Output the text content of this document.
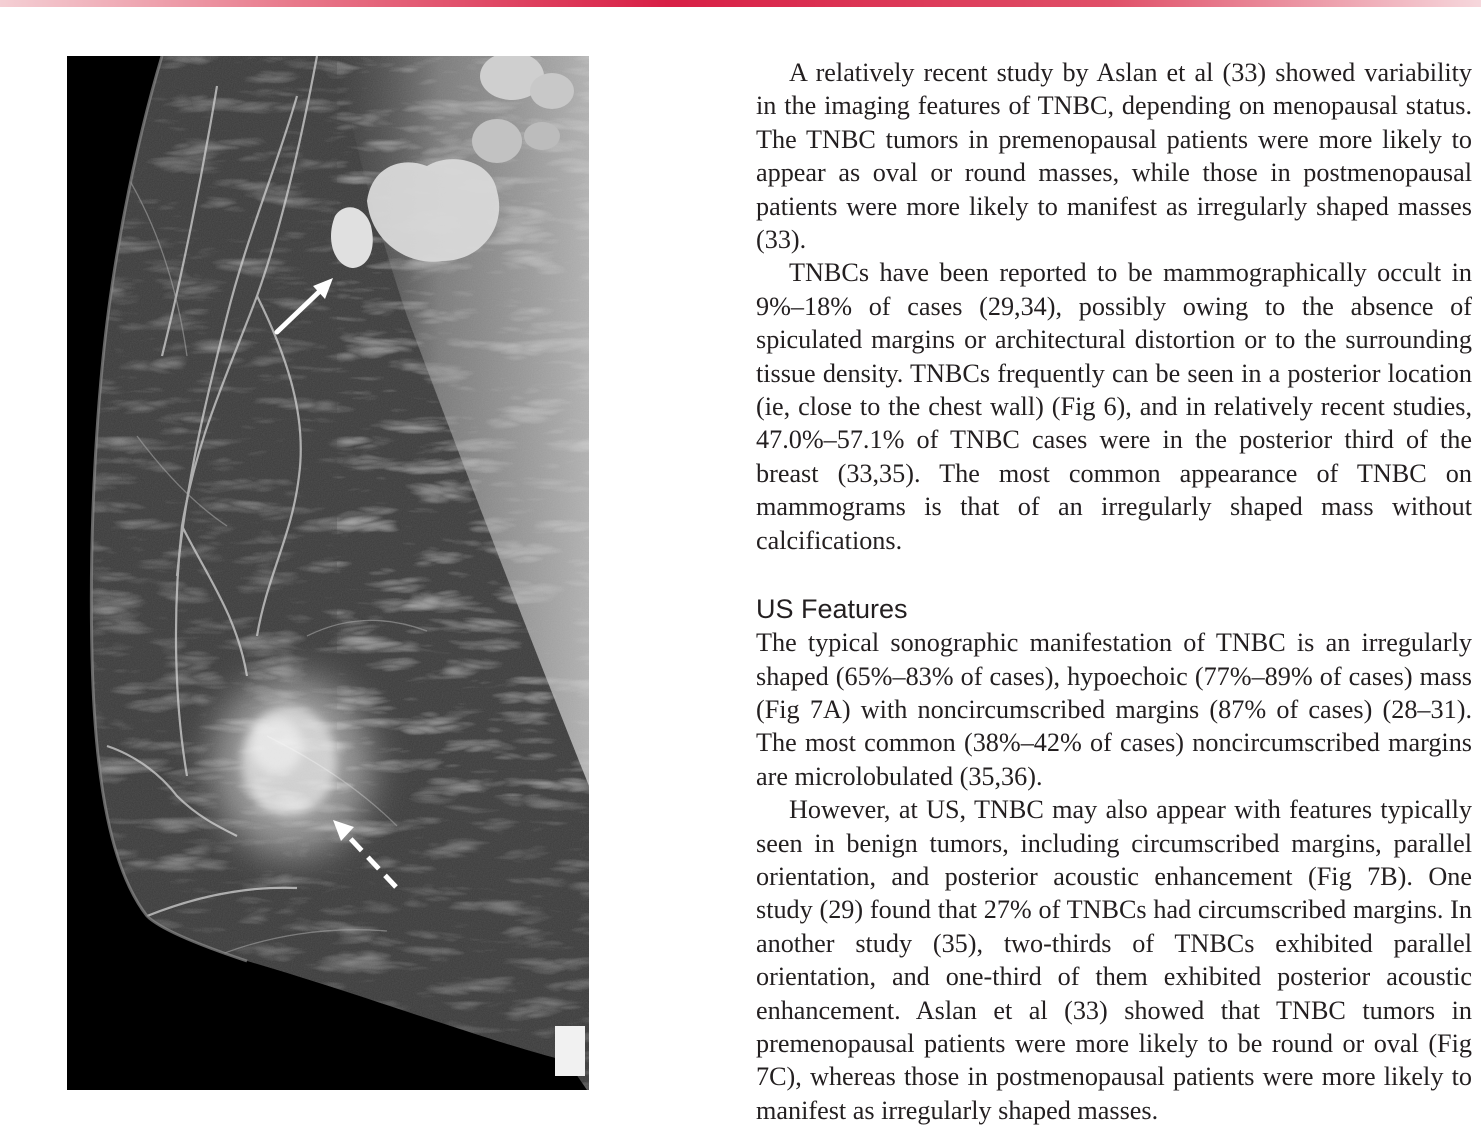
A relatively recent study by Aslan et al (33) showed variability in the imaging features of TNBC, depending on menopausal status. The TNBC tumors in premenopausal patients were more likely to appear as oval or round masses, while those in postmenopausal patients were more likely to manifest as irregularly shaped masses (33).

TNBCs have been reported to be mammographically occult in 9%–18% of cases (29,34), possibly owing to the absence of spiculated margins or architectural distortion or to the surrounding tissue density. TNBCs frequently can be seen in a posterior location (ie, close to the chest wall) (Fig 6), and in relatively recent studies, 47.0%–57.1% of TNBC cases were in the posterior third of the breast (33,35). The most common appearance of TNBC on mammograms is that of an irregularly shaped mass without calcifications.

US Features

The typical sonographic manifestation of TNBC is an irregularly shaped (65%–83% of cases), hypoechoic (77%–89% of cases) mass (Fig 7A) with noncircumscribed margins (87% of cases) (28–31). The most common (38%–42% of cases) noncircumscribed margins are microlobulated (35,36).

However, at US, TNBC may also appear with features typically seen in benign tumors, including circumscribed margins, parallel orientation, and posterior acoustic enhancement (Fig 7B). One study (29) found that 27% of TNBCs had circumscribed margins. In another study (35), two-thirds of TNBCs exhibited parallel orientation, and one-third of them exhibited posterior acoustic enhancement. Aslan et al (33) showed that TNBC tumors in premenopausal patients were more likely to be round or oval (Fig 7C), whereas those in postmenopausal patients were more likely to manifest as irregularly shaped masses.
